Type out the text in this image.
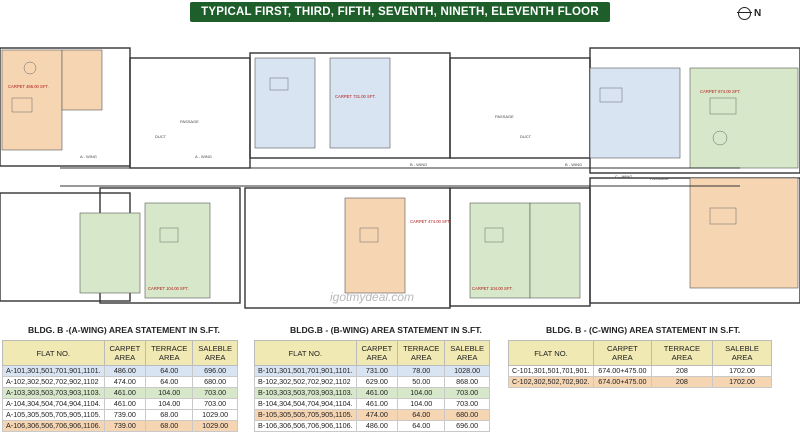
TYPICAL FIRST, THIRD, FIFTH, SEVENTH, NINETH, ELEVENTH FLOOR PLAN
N
A - WING	A - WING
B - WING	B - WING
C - WING
DUCT	DUCT
PASSAGE
PASSAGE
PASSAGE
CARPET 486.00 SFT.
CARPET 731.00 SFT.
CARPET 474.00 SFT.
CARPET 674.00 SFT.
CARPET 104.00 SFT.	CARPET 104.00 SFT.
igotmydeal.com
BLDG. B -(A-WING) AREA STATEMENT IN S.FT.
FLAT NO.	CARPET AREA	TERRACE AREA	SALEBLE AREA
A-101,301,501,701,901,1101.	486.00	64.00	696.00
A-102,302,502,702,902,1102	474.00	64.00	680.00
A-103,303,503,703,903,1103.	461.00	104.00	703.00
A-104,304,504,704,904,1104.	461.00	104.00	703.00
A-105,305,505,705,905,1105.	739.00	68.00	1029.00
A-106,306,506,706,906,1106.	739.00	68.00	1029.00
BLDG.B - (B-WING) AREA STATEMENT IN S.FT.
FLAT NO.	CARPET AREA	TERRACE AREA	SALEBLE AREA
B-101,301,501,701,901,1101.	731.00	78.00	1028.00
B-102,302,502,702,902,1102	629.00	50.00	868.00
B-103,303,503,703,903,1103.	461.00	104.00	703.00
B-104,304,504,704,904,1104.	461.00	104.00	703.00
B-105,305,505,705,905,1105.	474.00	64.00	680.00
B-106,306,506,706,906,1106.	486.00	64.00	696.00
BLDG. B - (C-WING) AREA STATEMENT IN S.FT.
FLAT NO.	CARPET AREA	TERRACE AREA	SALEBLE AREA
C-101,301,501,701,901.	674.00+475.00	208	1702.00
C-102,302,502,702,902.	674.00+475.00	208	1702.00
